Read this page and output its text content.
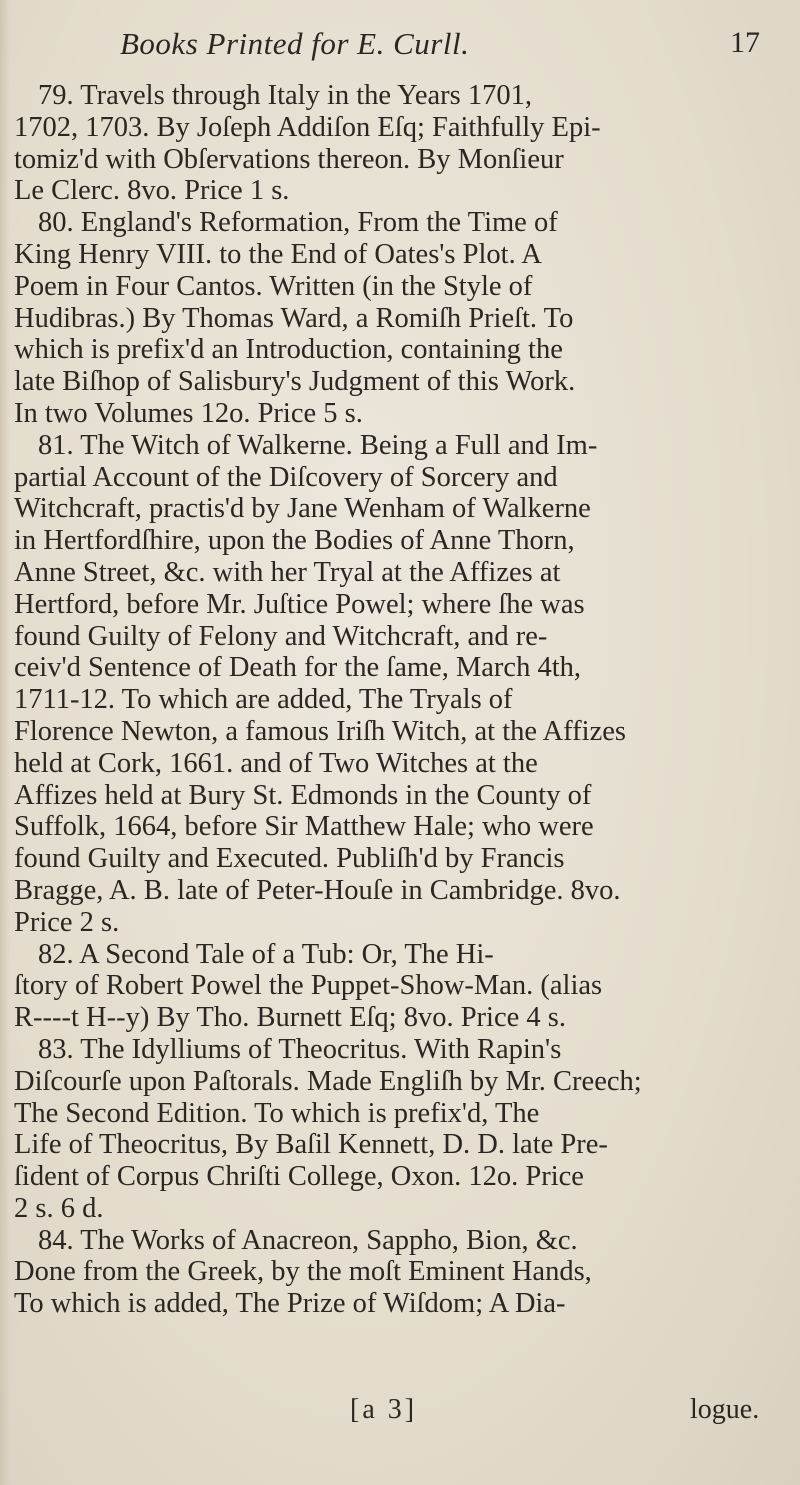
Books Printed for E. Curll.	17
79. Travels through Italy in the Years 1701,
1702, 1703. By Joſeph Addiſon Eſq; Faithfully Epi-
tomiz'd with Obſervations thereon. By Monſieur
Le Clerc. 8vo. Price 1 s.
80. England's Reformation, From the Time of
King Henry VIII. to the End of Oates's Plot. A
Poem in Four Cantos. Written (in the Style of
Hudibras.) By Thomas Ward, a Romiſh Prieſt. To
which is prefix'd an Introduction, containing the
late Biſhop of Salisbury's Judgment of this Work.
In two Volumes 12o. Price 5 s.
81. The Witch of Walkerne. Being a Full and Im-
partial Account of the Diſcovery of Sorcery and
Witchcraft, practis'd by Jane Wenham of Walkerne
in Hertfordſhire, upon the Bodies of Anne Thorn,
Anne Street, &c. with her Tryal at the Affizes at
Hertford, before Mr. Juſtice Powel; where ſhe was
found Guilty of Felony and Witchcraft, and re-
ceiv'd Sentence of Death for the ſame, March 4th,
1711-12. To which are added, The Tryals of
Florence Newton, a famous Iriſh Witch, at the Affizes
held at Cork, 1661. and of Two Witches at the
Affizes held at Bury St. Edmonds in the County of
Suffolk, 1664, before Sir Matthew Hale; who were
found Guilty and Executed. Publiſh'd by Francis
Bragge, A. B. late of Peter-Houſe in Cambridge. 8vo.
Price 2 s.
82. A Second Tale of a Tub: Or, The Hi-
ſtory of Robert Powel the Puppet-Show-Man. (alias
R----t H--y) By Tho. Burnett Eſq; 8vo. Price 4 s.
83. The Idylliums of Theocritus. With Rapin's
Diſcourſe upon Paſtorals. Made Engliſh by Mr. Creech;
The Second Edition. To which is prefix'd, The
Life of Theocritus, By Baſil Kennett, D. D. late Pre-
ſident of Corpus Chriſti College, Oxon. 12o. Price
2 s. 6 d.
84. The Works of Anacreon, Sappho, Bion, &c.
Done from the Greek, by the moſt Eminent Hands,
To which is added, The Prize of Wiſdom; A Dia-
[a 3]	logue.
